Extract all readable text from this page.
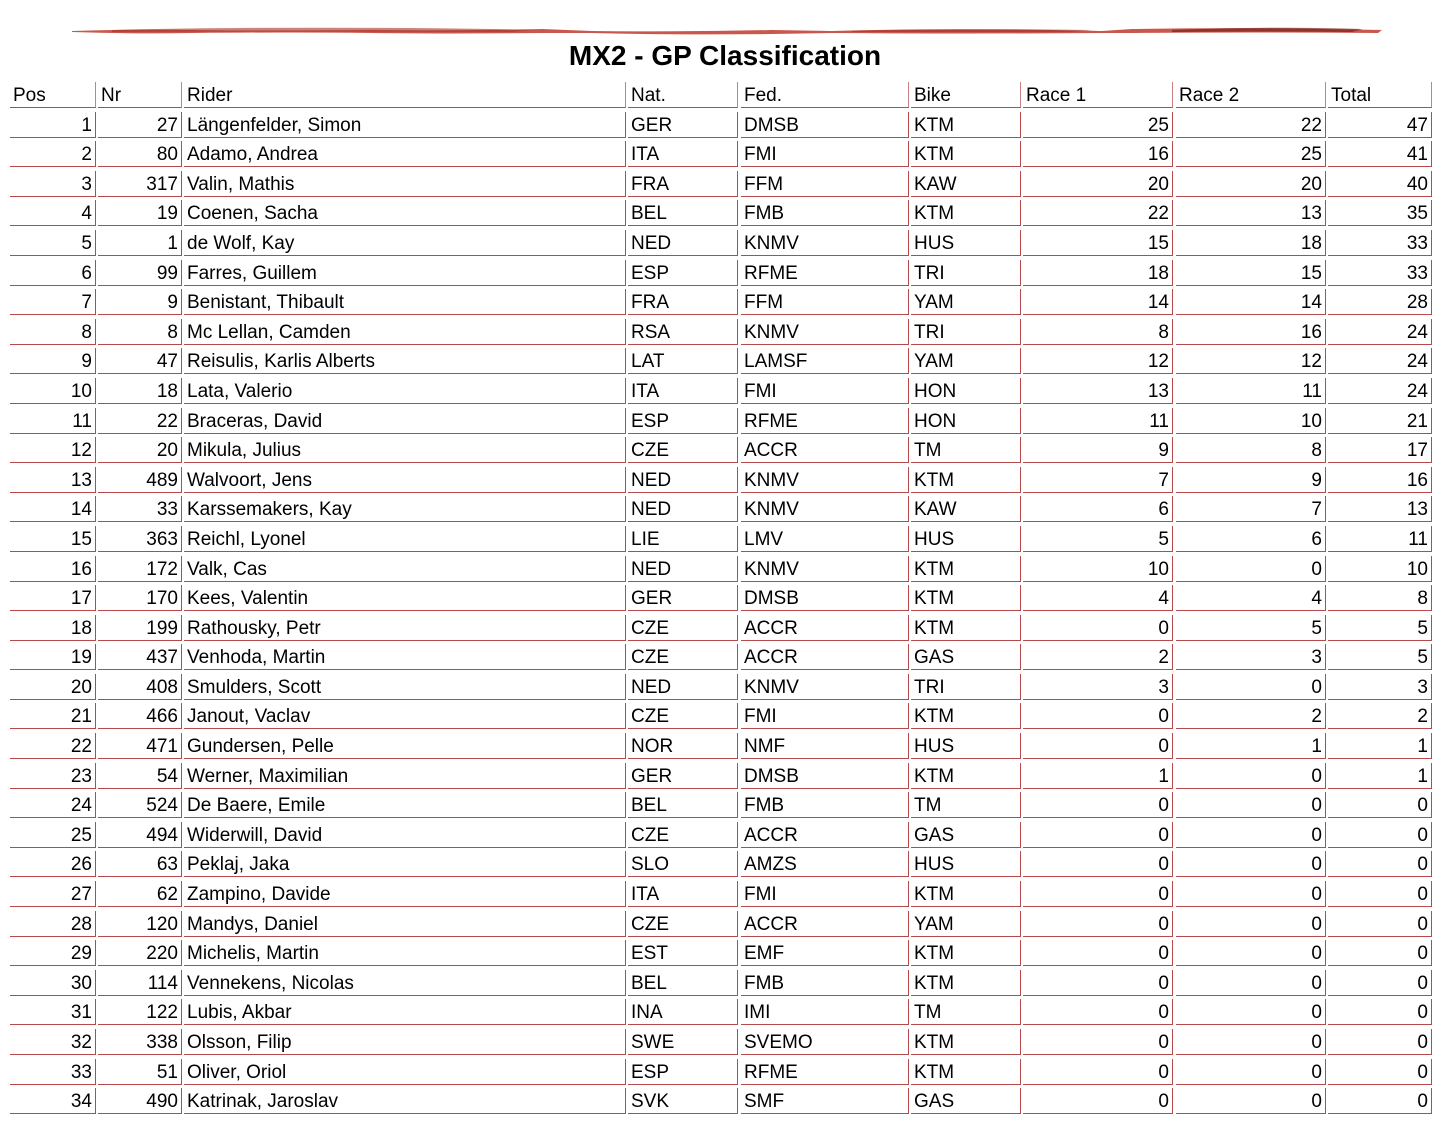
MX2 - GP Classification
Pos	Nr	Rider	Nat.	Fed.	Bike	Race 1	Race 2	Total
1	27 Längenfelder, Simon	GER	DMSB	KTM	25	22	47
2	80 Adamo, Andrea	ITA	FMI	KTM	16	25	41
3	317 Valin, Mathis	FRA	FFM	KAW	20	20	40
4	19 Coenen, Sacha	BEL	FMB	KTM	22	13	35
5	1 de Wolf, Kay	NED	KNMV	HUS	15	18	33
6	99 Farres, Guillem	ESP	RFME	TRI	18	15	33
7	9 Benistant, Thibault	FRA	FFM	YAM	14	14	28
8	8 Mc Lellan, Camden	RSA	KNMV	TRI	8	16	24
9	47 Reisulis, Karlis Alberts	LAT	LAMSF	YAM	12	12	24
10	18 Lata, Valerio	ITA	FMI	HON	13	11	24
11	22 Braceras, David	ESP	RFME	HON	11	10	21
12	20 Mikula, Julius	CZE	ACCR	TM	9	8	17
13	489 Walvoort, Jens	NED	KNMV	KTM	7	9	16
14	33 Karssemakers, Kay	NED	KNMV	KAW	6	7	13
15	363 Reichl, Lyonel	LIE	LMV	HUS	5	6	11
16	172 Valk, Cas	NED	KNMV	KTM	10	0	10
17	170 Kees, Valentin	GER	DMSB	KTM	4	4	8
18	199 Rathousky, Petr	CZE	ACCR	KTM	0	5	5
19	437 Venhoda, Martin	CZE	ACCR	GAS	2	3	5
20	408 Smulders, Scott	NED	KNMV	TRI	3	0	3
21	466 Janout, Vaclav	CZE	FMI	KTM	0	2	2
22	471 Gundersen, Pelle	NOR	NMF	HUS	0	1	1
23	54 Werner, Maximilian	GER	DMSB	KTM	1	0	1
24	524 De Baere, Emile	BEL	FMB	TM	0	0	0
25	494 Widerwill, David	CZE	ACCR	GAS	0	0	0
26	63 Peklaj, Jaka	SLO	AMZS	HUS	0	0	0
27	62 Zampino, Davide	ITA	FMI	KTM	0	0	0
28	120 Mandys, Daniel	CZE	ACCR	YAM	0	0	0
29	220 Michelis, Martin	EST	EMF	KTM	0	0	0
30	114 Vennekens, Nicolas	BEL	FMB	KTM	0	0	0
31	122 Lubis, Akbar	INA	IMI	TM	0	0	0
32	338 Olsson, Filip	SWE	SVEMO	KTM	0	0	0
33	51 Oliver, Oriol	ESP	RFME	KTM	0	0	0
34	490 Katrinak, Jaroslav	SVK	SMF	GAS	0	0	0
